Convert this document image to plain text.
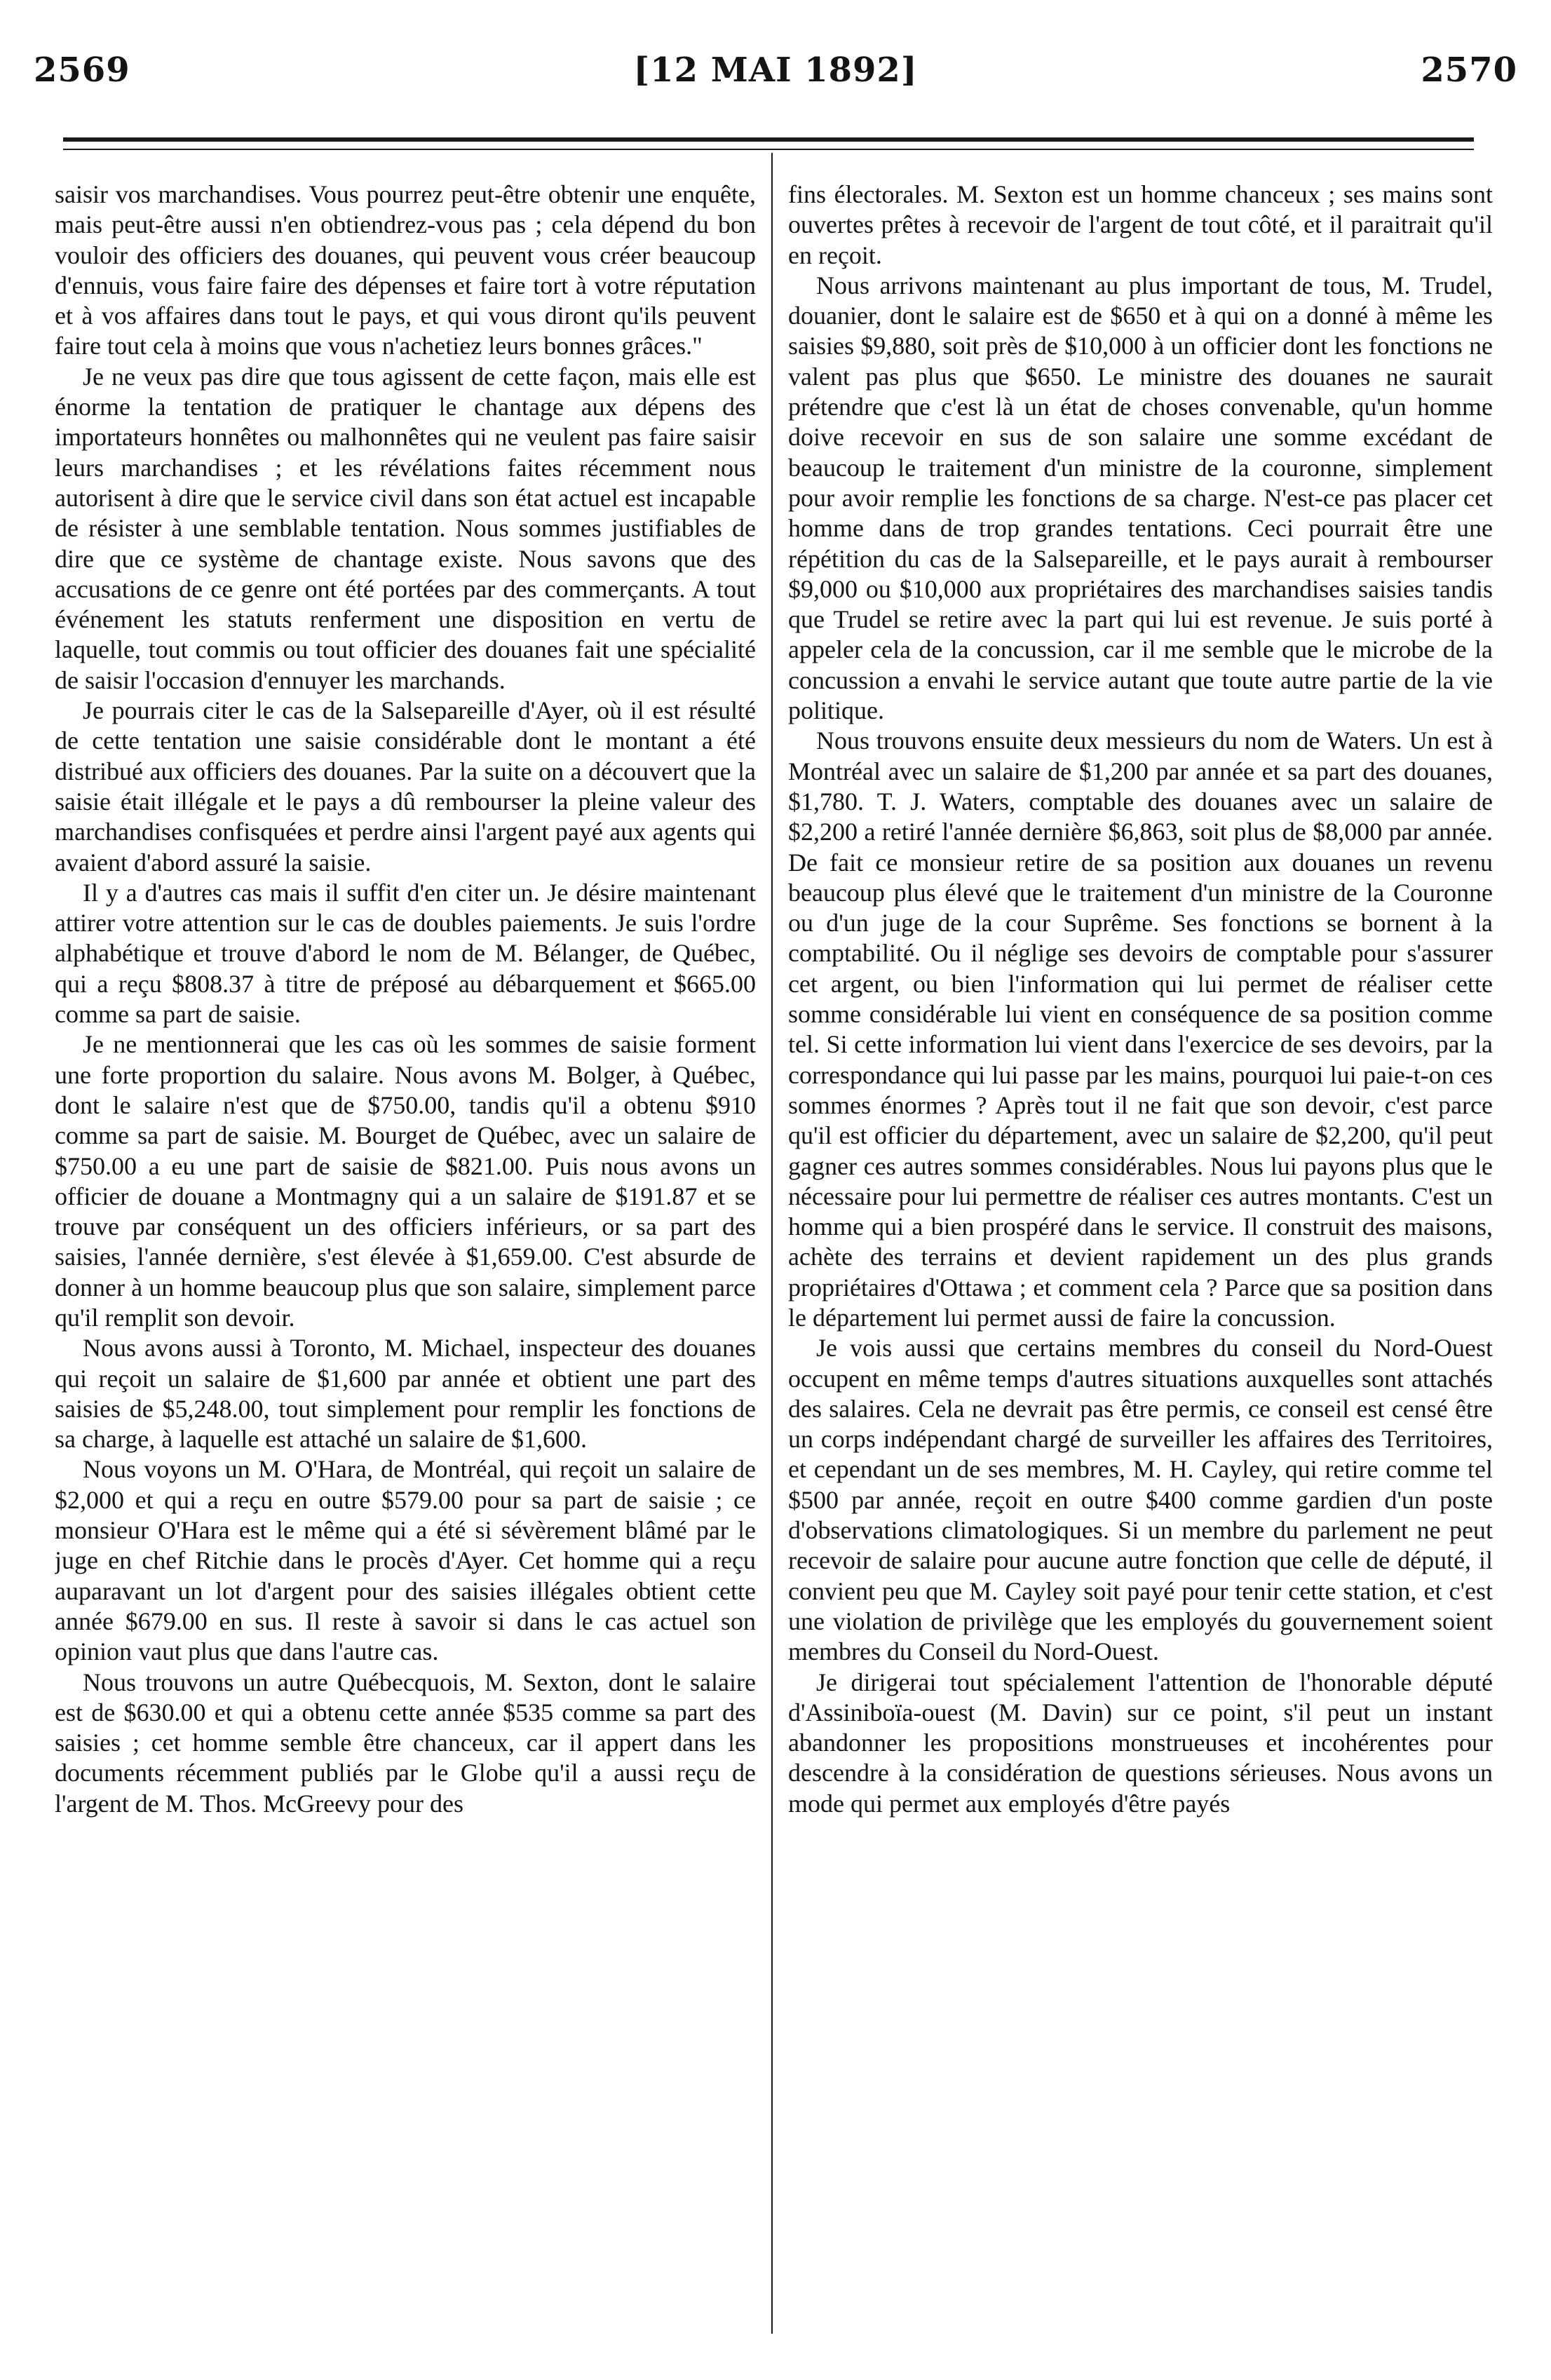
2569	[12 MAI 1892]	2570

saisir vos marchandises. Vous pourrez peut-être obtenir une enquête, mais peut-être aussi n'en obtiendrez-vous pas ; cela dépend du bon vouloir des officiers des douanes, qui peuvent vous créer beaucoup d'ennuis, vous faire faire des dépenses et faire tort à votre réputation et à vos affaires dans tout le pays, et qui vous diront qu'ils peuvent faire tout cela à moins que vous n'achetiez leurs bonnes grâces."

Je ne veux pas dire que tous agissent de cette façon, mais elle est énorme la tentation de pratiquer le chantage aux dépens des importateurs honnêtes ou malhonnêtes qui ne veulent pas faire saisir leurs marchandises ; et les révélations faites récemment nous autorisent à dire que le service civil dans son état actuel est incapable de résister à une semblable tentation. Nous sommes justifiables de dire que ce système de chantage existe. Nous savons que des accusations de ce genre ont été portées par des commerçants. A tout événement les statuts renferment une disposition en vertu de laquelle, tout commis ou tout officier des douanes fait une spécialité de saisir l'occasion d'ennuyer les marchands.

Je pourrais citer le cas de la Salsepareille d'Ayer, où il est résulté de cette tentation une saisie considérable dont le montant a été distribué aux officiers des douanes. Par la suite on a découvert que la saisie était illégale et le pays a dû rembourser la pleine valeur des marchandises confisquées et perdre ainsi l'argent payé aux agents qui avaient d'abord assuré la saisie.

Il y a d'autres cas mais il suffit d'en citer un. Je désire maintenant attirer votre attention sur le cas de doubles paiements. Je suis l'ordre alphabétique et trouve d'abord le nom de M. Bélanger, de Québec, qui a reçu $808.37 à titre de préposé au débarquement et $665.00 comme sa part de saisie.

Je ne mentionnerai que les cas où les sommes de saisie forment une forte proportion du salaire. Nous avons M. Bolger, à Québec, dont le salaire n'est que de $750.00, tandis qu'il a obtenu $910 comme sa part de saisie. M. Bourget de Québec, avec un salaire de $750.00 a eu une part de saisie de $821.00. Puis nous avons un officier de douane a Montmagny qui a un salaire de $191.87 et se trouve par conséquent un des officiers inférieurs, or sa part des saisies, l'année dernière, s'est élevée à $1,659.00. C'est absurde de donner à un homme beaucoup plus que son salaire, simplement parce qu'il remplit son devoir.

Nous avons aussi à Toronto, M. Michael, inspecteur des douanes qui reçoit un salaire de $1,600 par année et obtient une part des saisies de $5,248.00, tout simplement pour remplir les fonctions de sa charge, à laquelle est attaché un salaire de $1,600.

Nous voyons un M. O'Hara, de Montréal, qui reçoit un salaire de $2,000 et qui a reçu en outre $579.00 pour sa part de saisie ; ce monsieur O'Hara est le même qui a été si sévèrement blâmé par le juge en chef Ritchie dans le procès d'Ayer. Cet homme qui a reçu auparavant un lot d'argent pour des saisies illégales obtient cette année $679.00 en sus. Il reste à savoir si dans le cas actuel son opinion vaut plus que dans l'autre cas.

Nous trouvons un autre Québecquois, M. Sexton, dont le salaire est de $630.00 et qui a obtenu cette année $535 comme sa part des saisies ; cet homme semble être chanceux, car il appert dans les documents récemment publiés par le Globe qu'il a aussi reçu de l'argent de M. Thos. McGreevy pour des

fins électorales. M. Sexton est un homme chanceux ; ses mains sont ouvertes prêtes à recevoir de l'argent de tout côté, et il paraitrait qu'il en reçoit.

Nous arrivons maintenant au plus important de tous, M. Trudel, douanier, dont le salaire est de $650 et à qui on a donné à même les saisies $9,880, soit près de $10,000 à un officier dont les fonctions ne valent pas plus que $650. Le ministre des douanes ne saurait prétendre que c'est là un état de choses convenable, qu'un homme doive recevoir en sus de son salaire une somme excédant de beaucoup le traitement d'un ministre de la couronne, simplement pour avoir remplie les fonctions de sa charge. N'est-ce pas placer cet homme dans de trop grandes tentations. Ceci pourrait être une répétition du cas de la Salsepareille, et le pays aurait à rembourser $9,000 ou $10,000 aux propriétaires des marchandises saisies tandis que Trudel se retire avec la part qui lui est revenue. Je suis porté à appeler cela de la concussion, car il me semble que le microbe de la concussion a envahi le service autant que toute autre partie de la vie politique.

Nous trouvons ensuite deux messieurs du nom de Waters. Un est à Montréal avec un salaire de $1,200 par année et sa part des douanes, $1,780. T. J. Waters, comptable des douanes avec un salaire de $2,200 a retiré l'année dernière $6,863, soit plus de $8,000 par année. De fait ce monsieur retire de sa position aux douanes un revenu beaucoup plus élevé que le traitement d'un ministre de la Couronne ou d'un juge de la cour Suprême. Ses fonctions se bornent à la comptabilité. Ou il néglige ses devoirs de comptable pour s'assurer cet argent, ou bien l'information qui lui permet de réaliser cette somme considérable lui vient en conséquence de sa position comme tel. Si cette information lui vient dans l'exercice de ses devoirs, par la correspondance qui lui passe par les mains, pourquoi lui paie-t-on ces sommes énormes ? Après tout il ne fait que son devoir, c'est parce qu'il est officier du département, avec un salaire de $2,200, qu'il peut gagner ces autres sommes considérables. Nous lui payons plus que le nécessaire pour lui permettre de réaliser ces autres montants. C'est un homme qui a bien prospéré dans le service. Il construit des maisons, achète des terrains et devient rapidement un des plus grands propriétaires d'Ottawa ; et comment cela ? Parce que sa position dans le département lui permet aussi de faire la concussion.

Je vois aussi que certains membres du conseil du Nord-Ouest occupent en même temps d'autres situations auxquelles sont attachés des salaires. Cela ne devrait pas être permis, ce conseil est censé être un corps indépendant chargé de surveiller les affaires des Territoires, et cependant un de ses membres, M. H. Cayley, qui retire comme tel $500 par année, reçoit en outre $400 comme gardien d'un poste d'observations climatologiques. Si un membre du parlement ne peut recevoir de salaire pour aucune autre fonction que celle de député, il convient peu que M. Cayley soit payé pour tenir cette station, et c'est une violation de privilège que les employés du gouvernement soient membres du Conseil du Nord-Ouest.

Je dirigerai tout spécialement l'attention de l'honorable député d'Assiniboïa-ouest (M. Davin) sur ce point, s'il peut un instant abandonner les propositions monstrueuses et incohérentes pour descendre à la considération de questions sérieuses. Nous avons un mode qui permet aux employés d'être payés
